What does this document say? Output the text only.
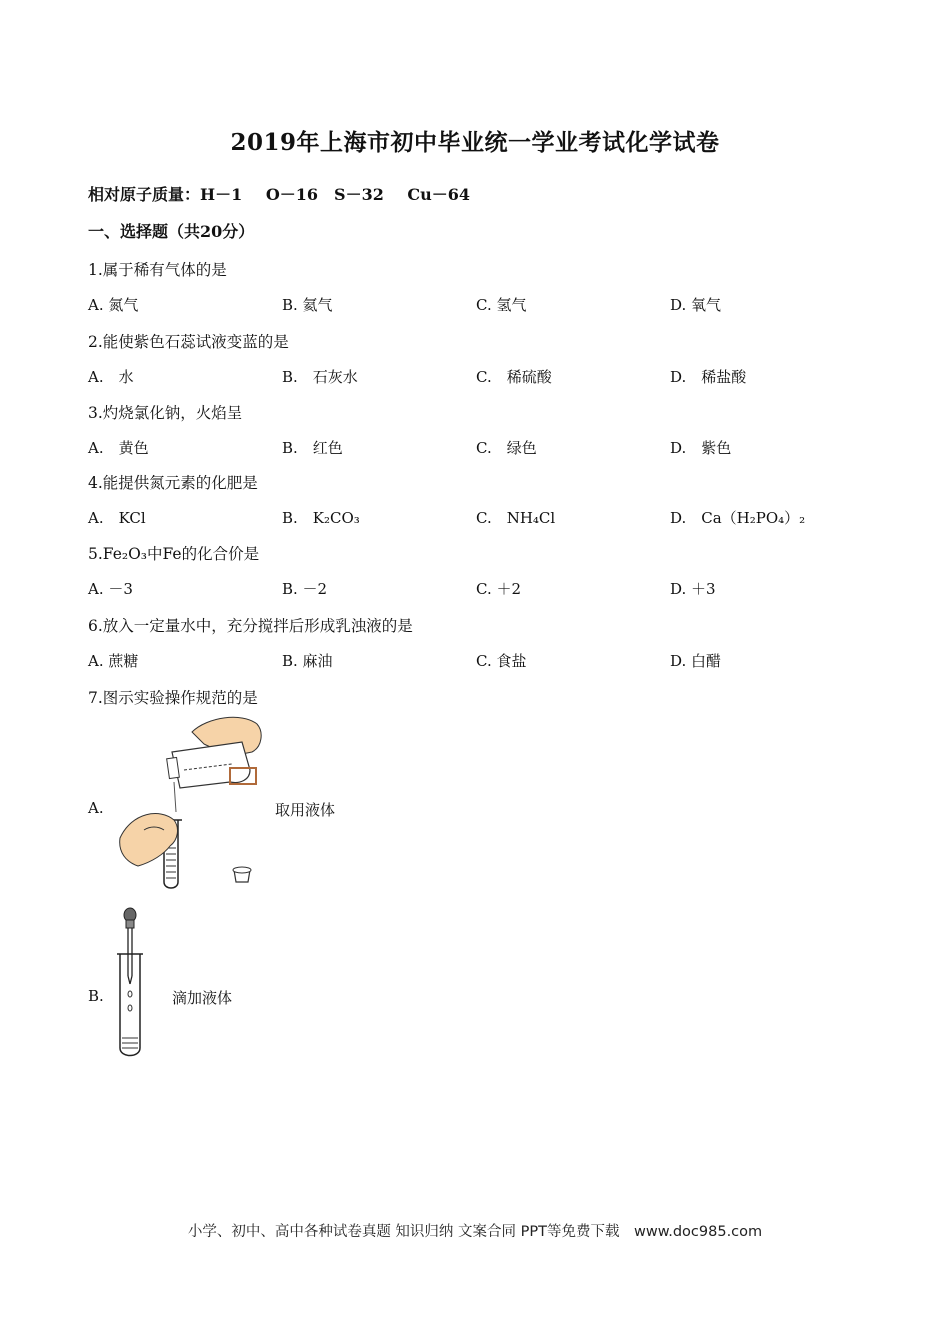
2019年上海市初中毕业统一学业考试化学试卷
相对原子质量：H－1　 O－16　S－32　 Cu－64
一、选择题（共20分）
1.属于稀有气体的是
A. 氮气	B. 氦气	C. 氢气	D. 氧气
2.能使紫色石蕊试液变蓝的是
A.　水	B.　石灰水	C.　稀硫酸	D.　稀盐酸
3.灼烧氯化钠，火焰呈
A.　黄色	B.　红色	C.　绿色	D.　紫色
4.能提供氮元素的化肥是
A.　KCl	B.　K₂CO₃	C.　NH₄Cl	D.　Ca（H₂PO₄）₂
5.Fe₂O₃中Fe的化合价是
A. －3	B. －2	C. ＋2	D. ＋3
6.放入一定量水中，充分搅拌后形成乳浊液的是
A. 蔗糖	B. 麻油	C. 食盐	D. 白醋
7.图示实验操作规范的是
A.	取用液体
B.	滴加液体
小学、初中、高中各种试卷真题 知识归纳 文案合同 PPT等免费下载　www.doc985.com
